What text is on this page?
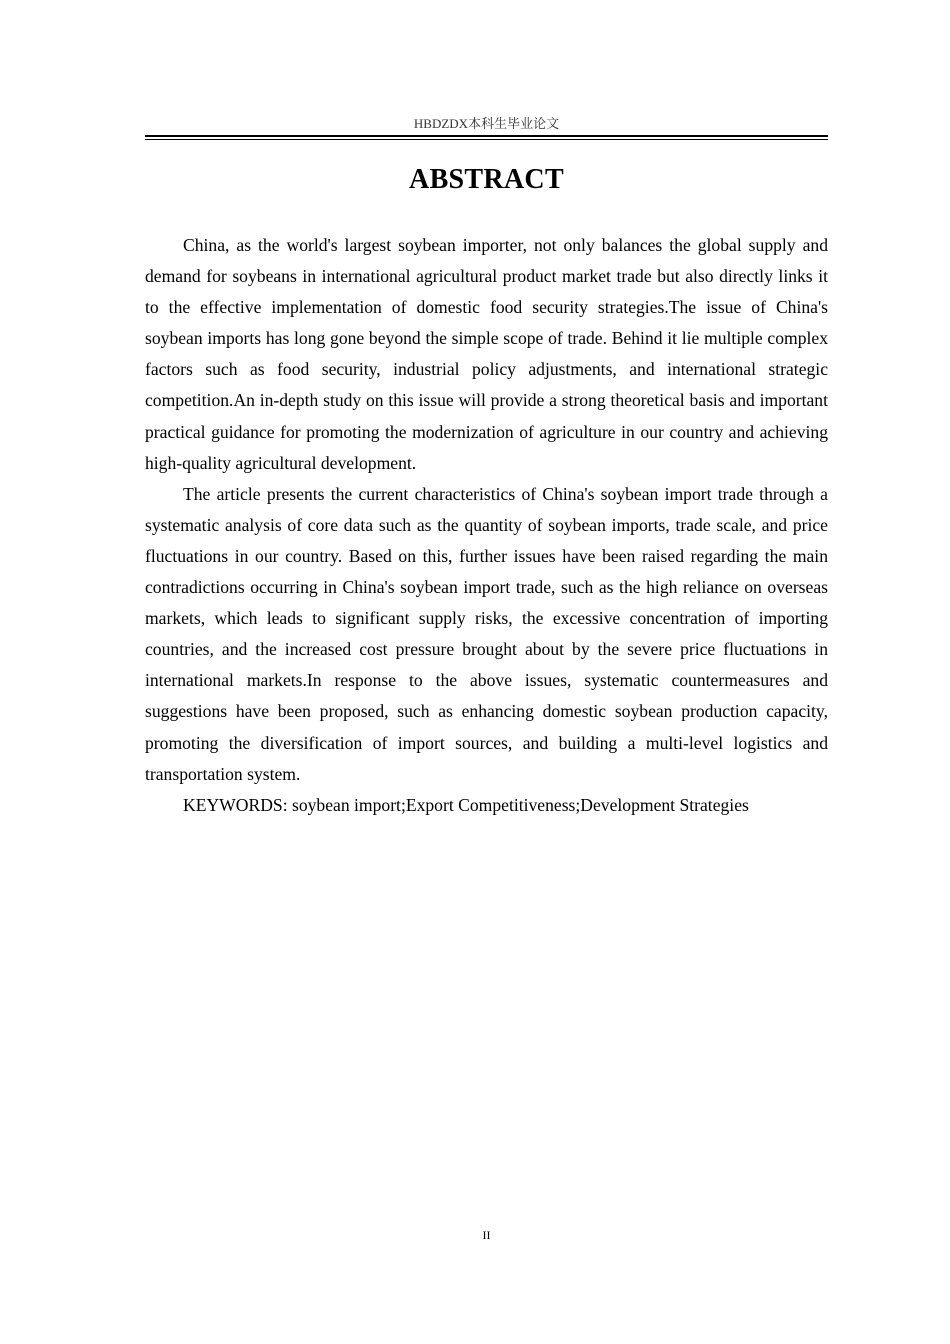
HBDZDX本科生毕业论文
ABSTRACT

China, as the world's largest soybean importer, not only balances the global supply and demand for soybeans in international agricultural product market trade but also directly links it to the effective implementation of domestic food security strategies.The issue of China's soybean imports has long gone beyond the simple scope of trade. Behind it lie multiple complex factors such as food security, industrial policy adjustments, and international strategic competition.An in-depth study on this issue will provide a strong theoretical basis and important practical guidance for promoting the modernization of agriculture in our country and achieving high-quality agricultural development.

The article presents the current characteristics of China's soybean import trade through a systematic analysis of core data such as the quantity of soybean imports, trade scale, and price fluctuations in our country. Based on this, further issues have been raised regarding the main contradictions occurring in China's soybean import trade, such as the high reliance on overseas markets, which leads to significant supply risks, the excessive concentration of importing countries, and the increased cost pressure brought about by the severe price fluctuations in international markets.In response to the above issues, systematic countermeasures and suggestions have been proposed, such as enhancing domestic soybean production capacity, promoting the diversification of import sources, and building a multi-level logistics and transportation system.

KEYWORDS: soybean import;Export Competitiveness;Development Strategies

II
